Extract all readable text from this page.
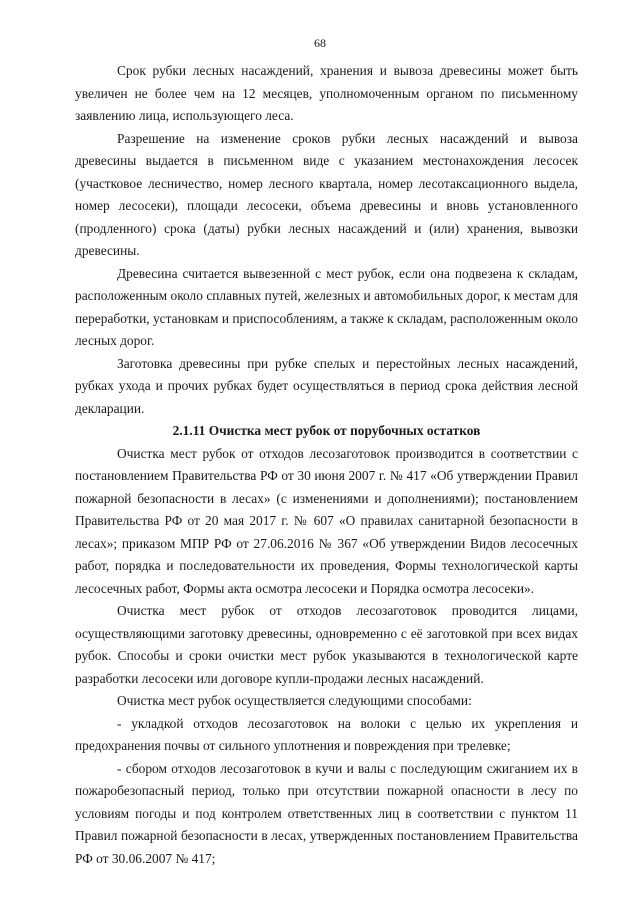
68

Срок рубки лесных насаждений, хранения и вывоза древесины может быть увеличен не более чем на 12 месяцев, уполномоченным органом по письменному заявлению лица, использующего леса.

Разрешение на изменение сроков рубки лесных насаждений и вывоза древесины выдается в письменном виде с указанием местонахождения лесосек (участковое лесничество, номер лесного квартала, номер лесотаксационного выдела, номер лесосеки), площади лесосеки, объема древесины и вновь установленного (продленного) срока (даты) рубки лесных насаждений и (или) хранения, вывозки древесины.

Древесина считается вывезенной с мест рубок, если она подвезена к складам, расположенным около сплавных путей, железных и автомобильных дорог, к местам для переработки, установкам и приспособлениям, а также к складам, расположенным около лесных дорог.

Заготовка древесины при рубке спелых и перестойных лесных насаждений, рубках ухода и прочих рубках будет осуществляться в период срока действия лесной декларации.

2.1.11 Очистка мест рубок от порубочных остатков

Очистка мест рубок от отходов лесозаготовок производится в соответствии с постановлением Правительства РФ от 30 июня 2007 г. № 417 «Об утверждении Правил пожарной безопасности в лесах» (с изменениями и дополнениями); постановлением Правительства РФ от 20 мая 2017 г. № 607 «О правилах санитарной безопасности в лесах»; приказом МПР РФ от 27.06.2016 № 367 «Об утверждении Видов лесосечных работ, порядка и последовательности их проведения, Формы технологической карты лесосечных работ, Формы акта осмотра лесосеки и Порядка осмотра лесосеки».

Очистка мест рубок от отходов лесозаготовок проводится лицами, осуществляющими заготовку древесины, одновременно с её заготовкой при всех видах рубок. Способы и сроки очистки мест рубок указываются в технологической карте разработки лесосеки или договоре купли-продажи лесных насаждений.

Очистка мест рубок осуществляется следующими способами:

- укладкой отходов лесозаготовок на волоки с целью их укрепления и предохранения почвы от сильного уплотнения и повреждения при трелевке;

- сбором отходов лесозаготовок в кучи и валы с последующим сжиганием их в пожаробезопасный период, только при отсутствии пожарной опасности в лесу по условиям погоды и под контролем ответственных лиц в соответствии с пунктом 11 Правил пожарной безопасности в лесах, утвержденных постановлением Правительства РФ от 30.06.2007 № 417;
